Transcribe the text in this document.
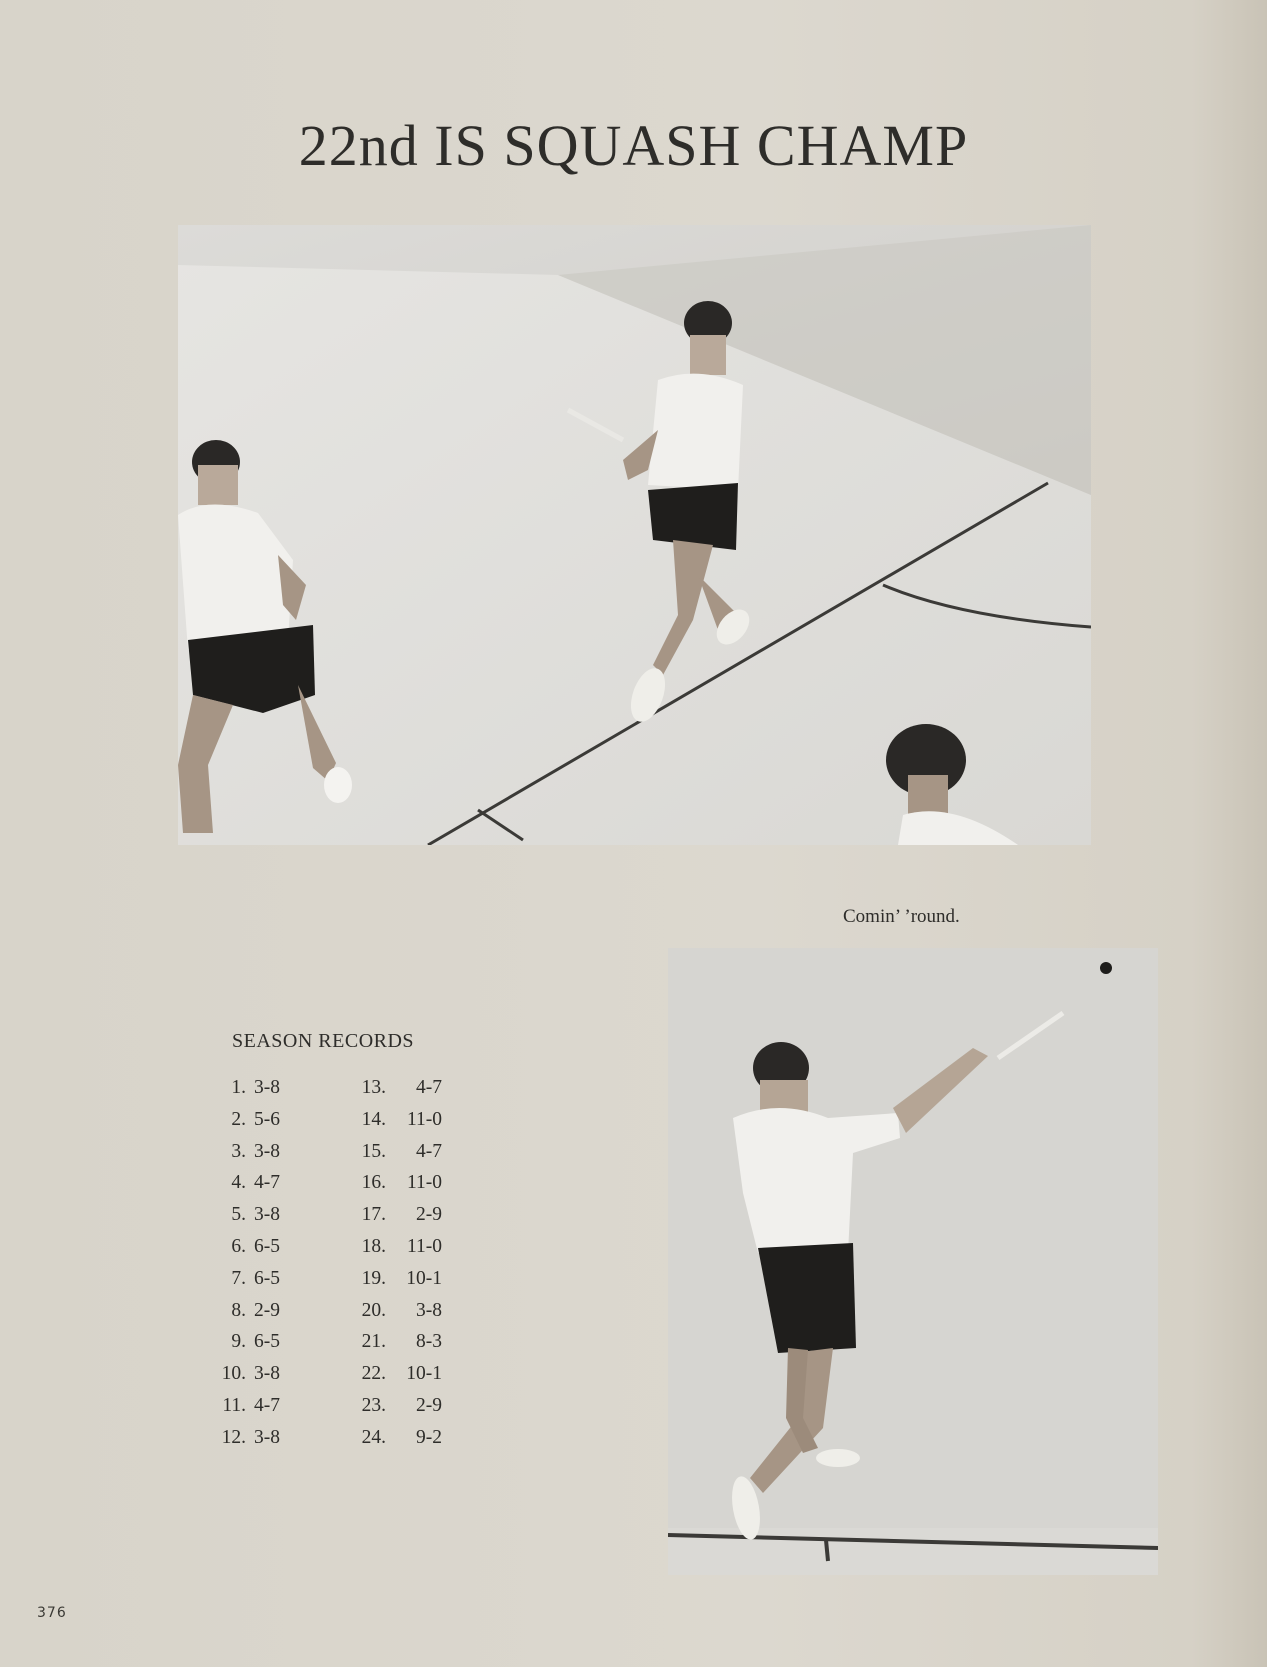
22nd IS SQUASH CHAMP
Comin’ ’round.
SEASON RECORDS
1. 3-8
2. 5-6
3. 3-8
4. 4-7
5. 3-8
6. 6-5
7. 6-5
8. 2-9
9. 6-5
10. 3-8
11. 4-7
12. 3-8
13. 4-7
14. 11-0
15. 4-7
16. 11-0
17. 2-9
18. 11-0
19. 10-1
20. 3-8
21. 8-3
22. 10-1
23. 2-9
24. 9-2
376
